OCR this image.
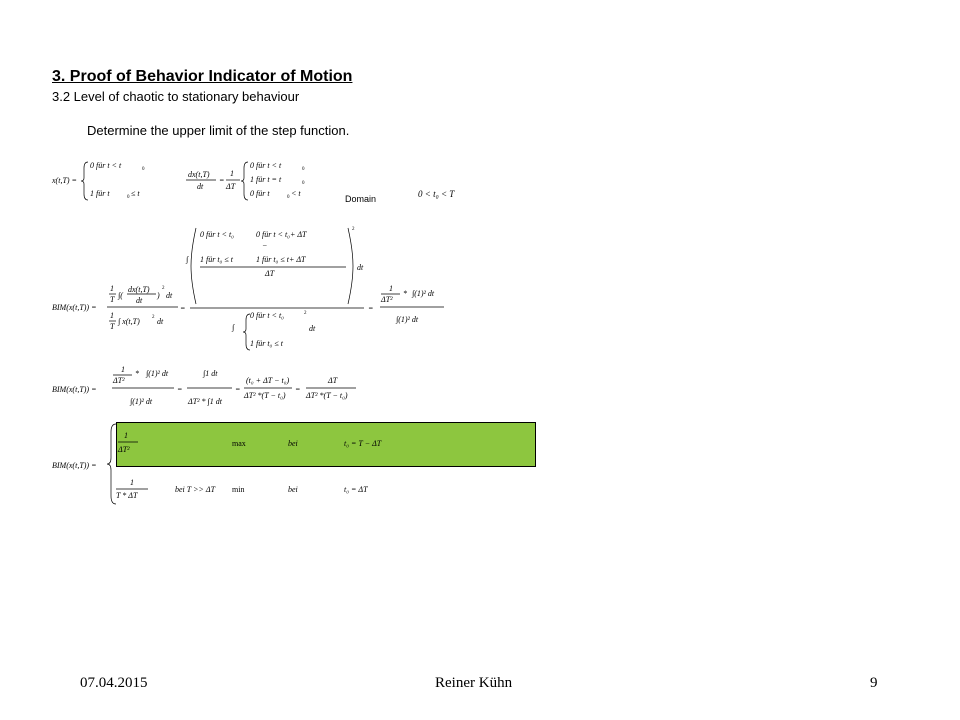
3. Proof of Behavior Indicator of Motion
3.2 Level of chaotic to stationary behaviour
Determine the upper limit of the step function.
Domain	0 < t₀ < T
x(t,T) =
0 für t < t	0
1 für t	0 ≤ t
dx(t,T)
dt
=
1
ΔT
0 für t < t	0
1 für t = t	0
0 für t	0 < t
BIM(x(t,T)) =
1
T ∫(
dx(t,T)
dt
)
2
dt
1
T
∫ x(t,T) 2 dt
=
∫
0 für t < t₀	0 für t < t₀+ ΔT
−
1 für t₀ ≤ t	1 für t₀ ≤ t+ ΔT
ΔT
2
dt
∫
0 für t < t₀
1 für t₀ ≤ t
2
dt
=
1
ΔT²
* ∫(1)² dt
∫(1)² dt
BIM(x(t,T)) =
1
ΔT²
* ∫(1)² dt
∫(1)² dt
=
∫1 dt
ΔT² * ∫1 dt
=
(t₀ + ΔT − t₀)
ΔT² *(T − t₀)
=
ΔT
ΔT² *(T − t₀)
BIM(x(t,T)) =
1
ΔT²
max	bei	t₀ = T − ΔT
1
T * ΔT
bei T >> ΔT min	bei	t₀ = ΔT
07.04.2015	Reiner Kühn	9
